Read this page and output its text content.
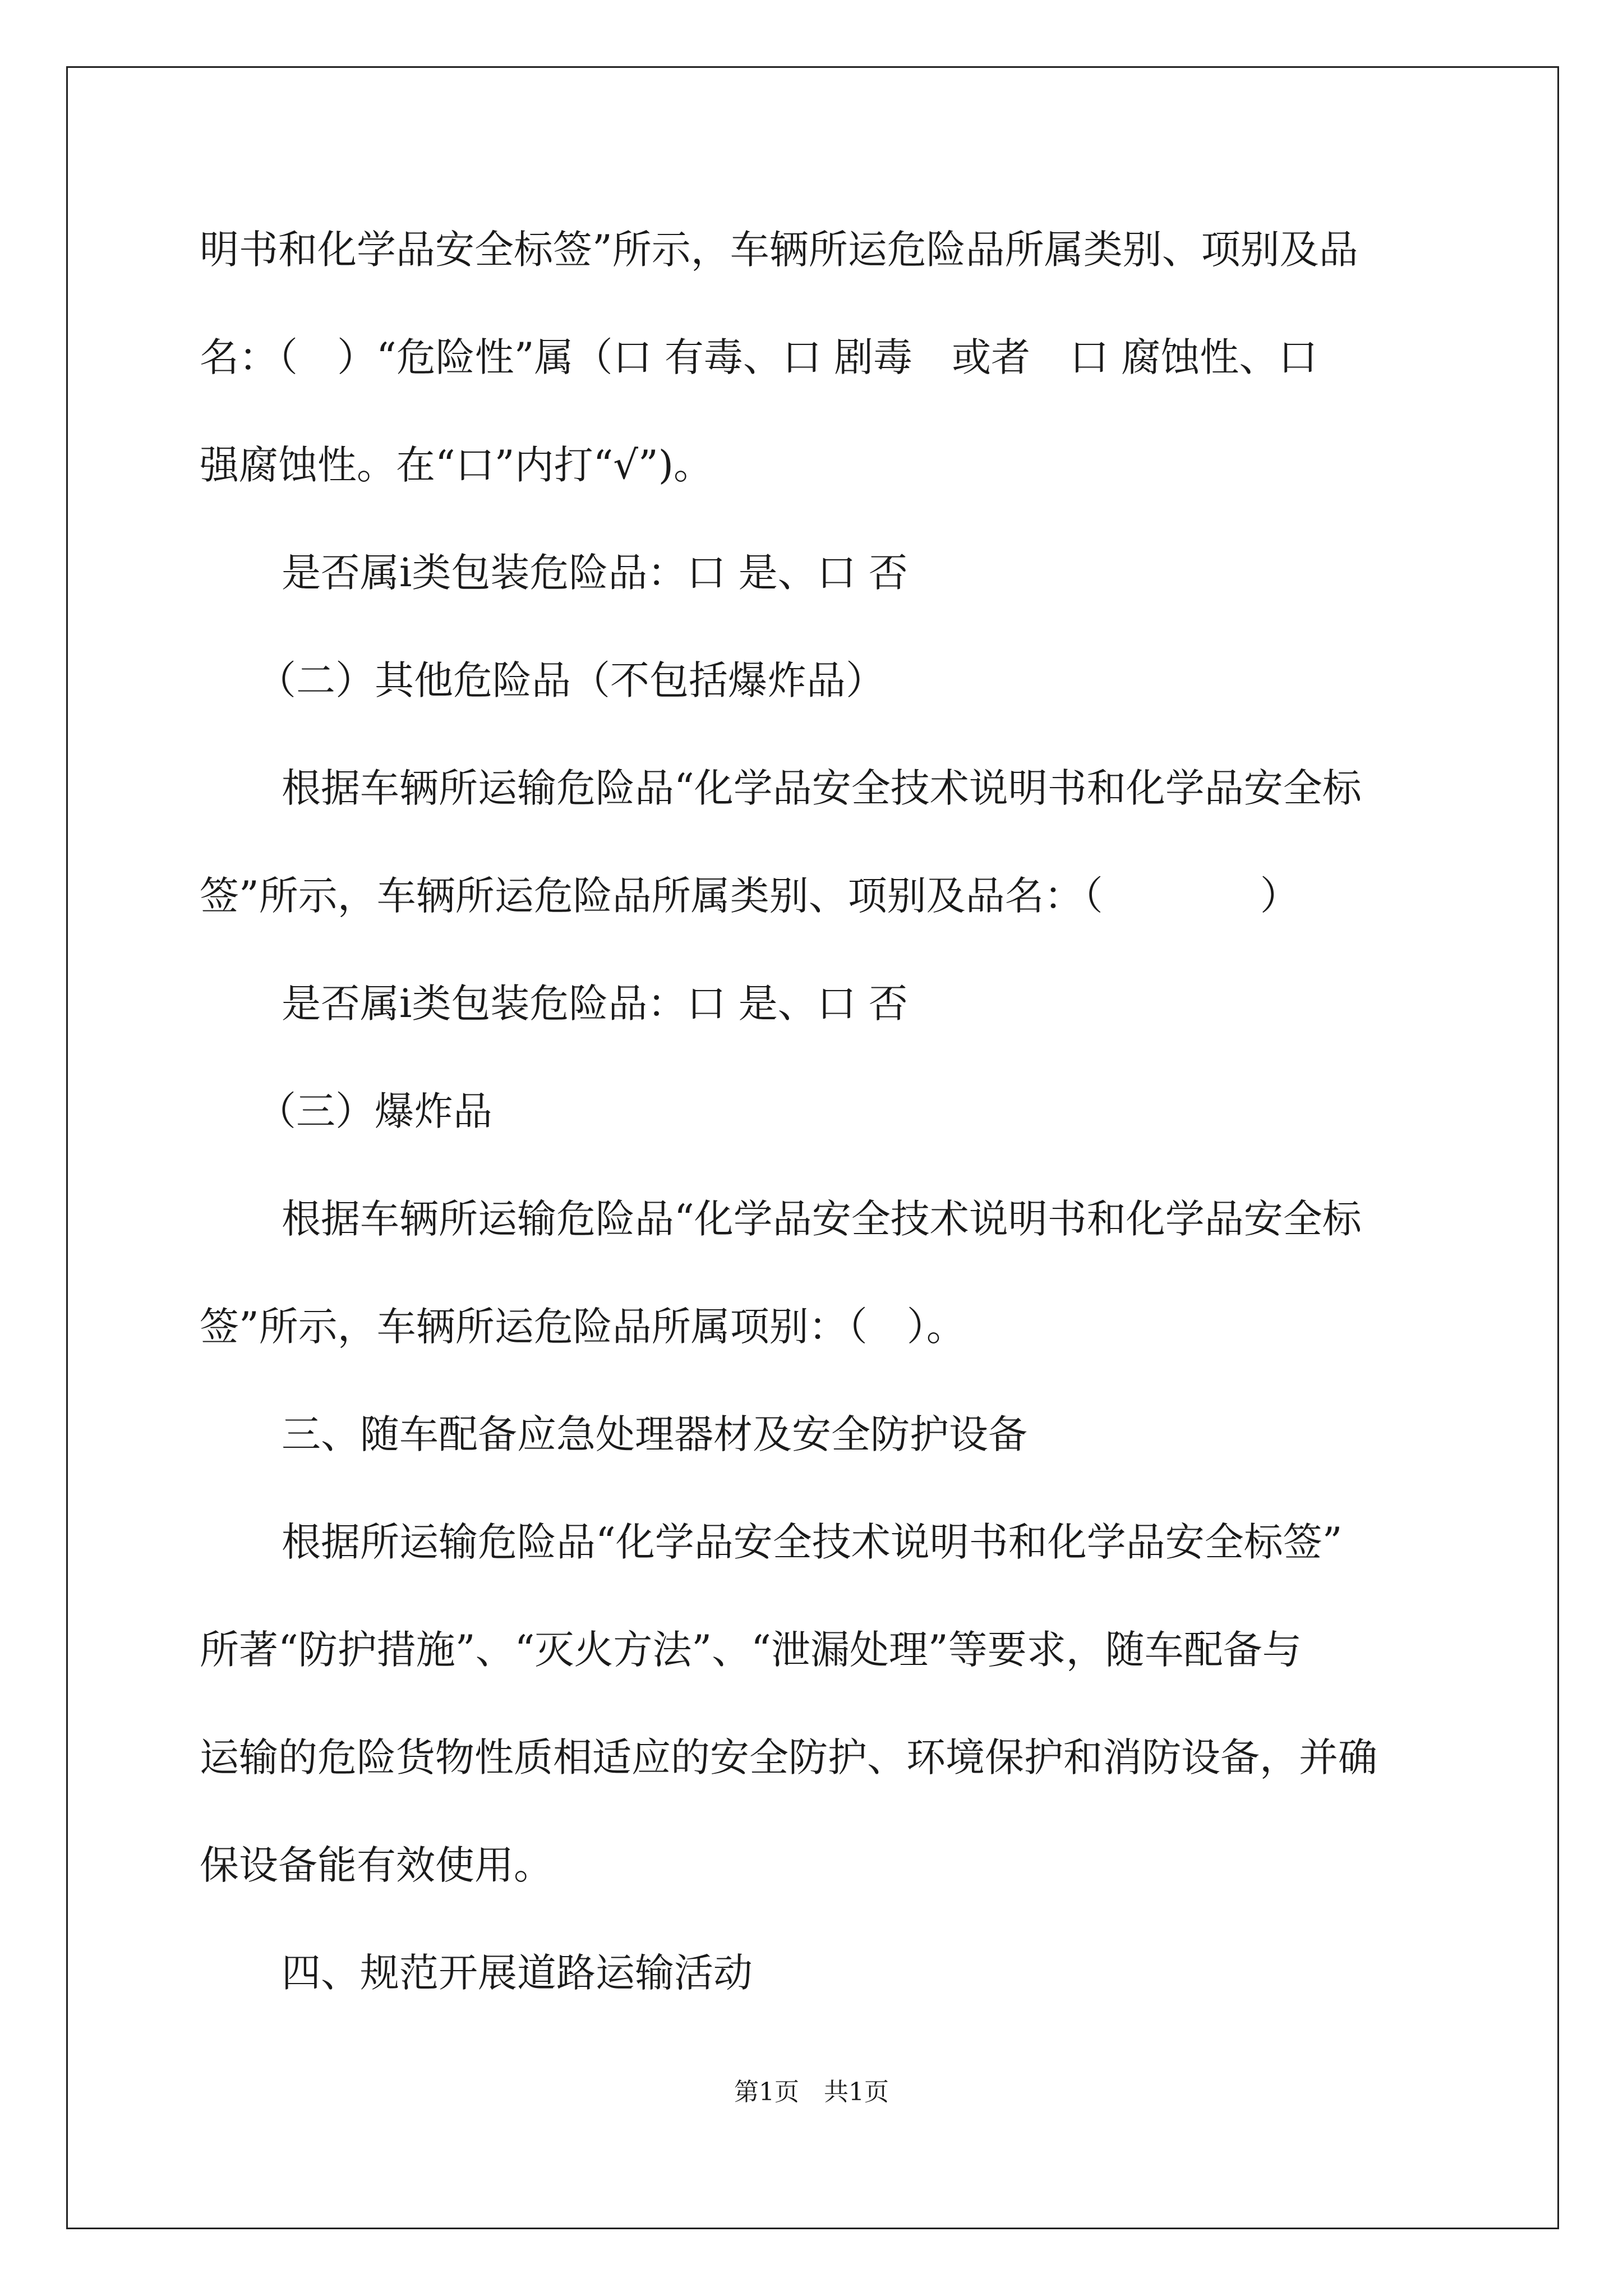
明书和化学品安全标签”所示，车辆所运危险品所属类别、项别及品
名：（　）“危险性”属（口 有毒、口 剧毒　或者　口 腐蚀性、口
强腐蚀性。在“口”内打“√”)。
是否属ⅰ类包装危险品：口 是、口 否
（二）其他危险品（不包括爆炸品）
根据车辆所运输危险品“化学品安全技术说明书和化学品安全标
签”所示，车辆所运危险品所属类别、项别及品名：（　　　　）
是否属ⅰ类包装危险品：口 是、口 否
（三）爆炸品
根据车辆所运输危险品“化学品安全技术说明书和化学品安全标
签”所示，车辆所运危险品所属项别：（　）。
三、随车配备应急处理器材及安全防护设备
根据所运输危险品“化学品安全技术说明书和化学品安全标签”
所著“防护措施”、“灭火方法”、“泄漏处理”等要求，随车配备与
运输的危险货物性质相适应的安全防护、环境保护和消防设备，并确
保设备能有效使用。
四、规范开展道路运输活动
第1页　共1页
